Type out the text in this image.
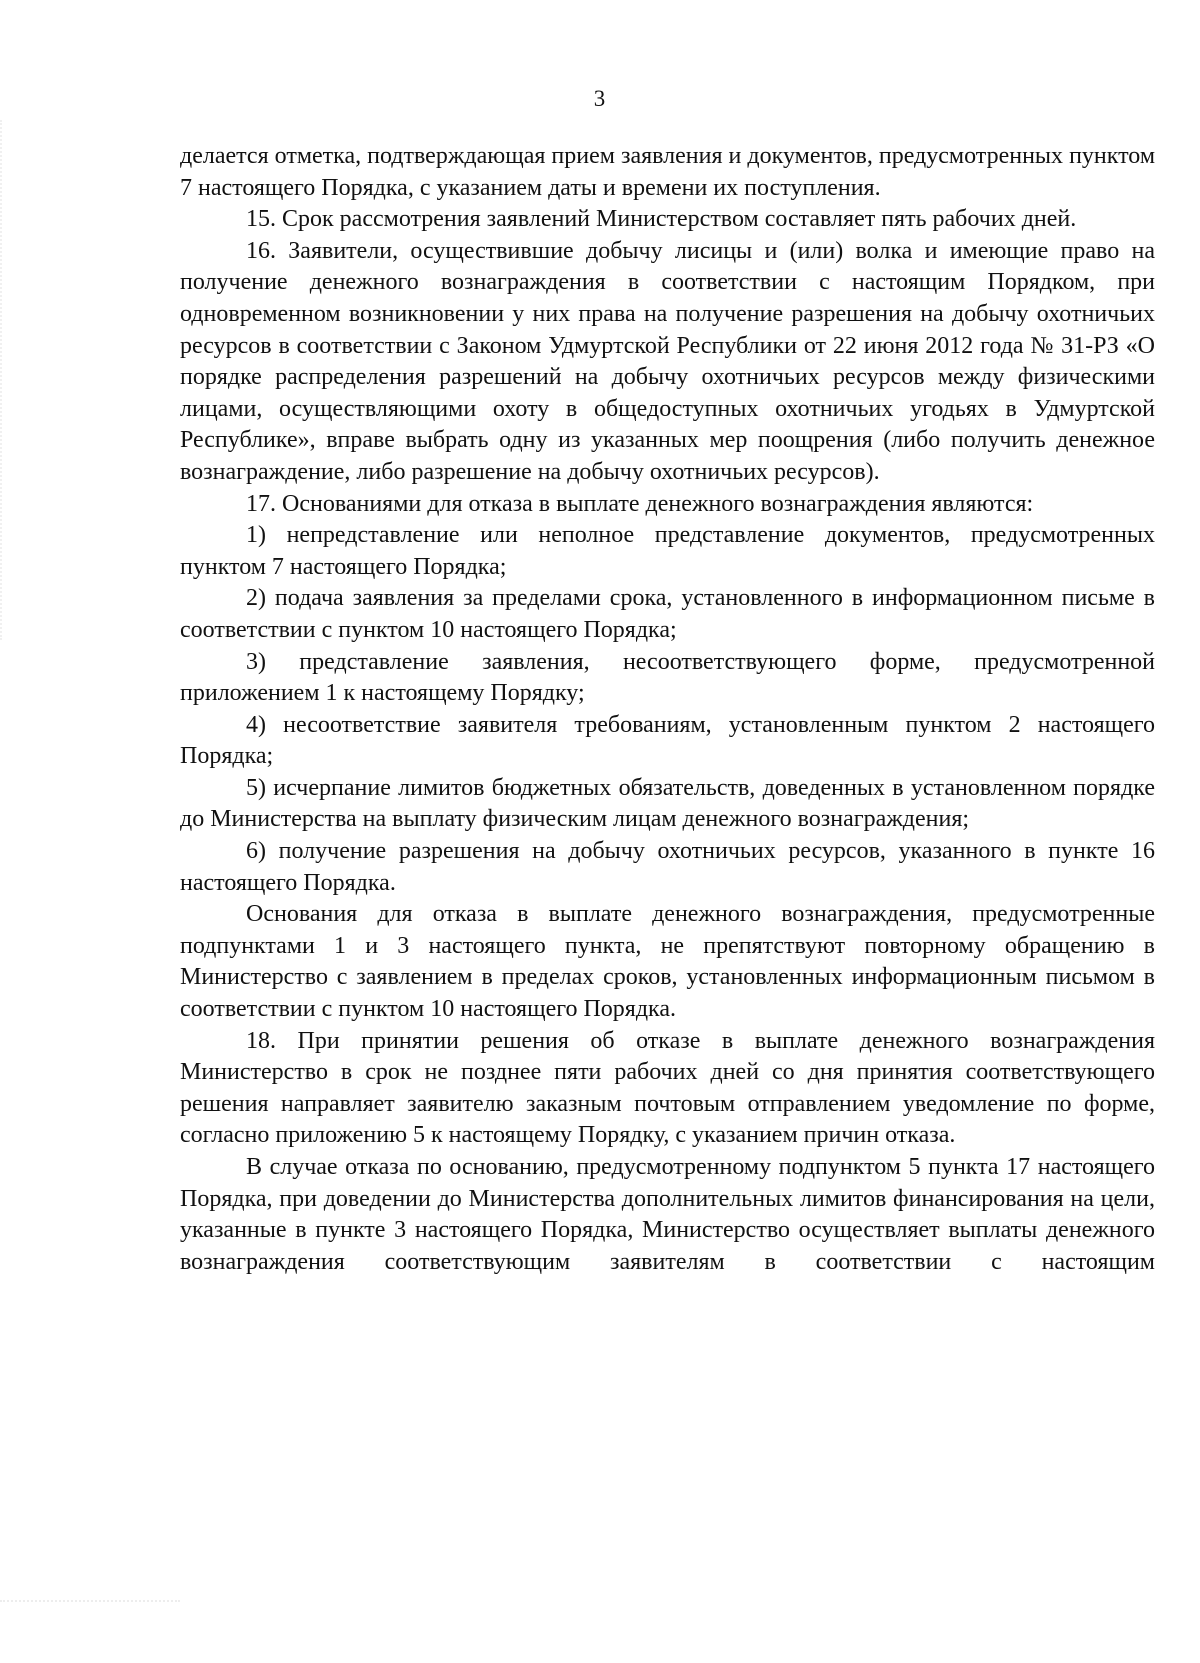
3

делается отметка, подтверждающая прием заявления и документов, предусмотренных пунктом 7 настоящего Порядка, с указанием даты и времени их поступления.

15. Срок рассмотрения заявлений Министерством составляет пять рабочих дней.

16. Заявители, осуществившие добычу лисицы и (или) волка и имеющие право на получение денежного вознаграждения в соответствии с настоящим Порядком, при одновременном возникновении у них права на получение разрешения на добычу охотничьих ресурсов в соответствии с Законом Удмуртской Республики от 22 июня 2012 года № 31-РЗ «О порядке распределения разрешений на добычу охотничьих ресурсов между физическими лицами, осуществляющими охоту в общедоступных охотничьих угодьях в Удмуртской Республике», вправе выбрать одну из указанных мер поощрения (либо получить денежное вознаграждение, либо разрешение на добычу охотничьих ресурсов).

17. Основаниями для отказа в выплате денежного вознаграждения являются:

1) непредставление или неполное представление документов, предусмотренных пунктом 7 настоящего Порядка;

2) подача заявления за пределами срока, установленного в информационном письме в соответствии с пунктом 10 настоящего Порядка;

3) представление заявления, несоответствующего форме, предусмотренной приложением 1 к настоящему Порядку;

4) несоответствие заявителя требованиям, установленным пунктом 2 настоящего Порядка;

5) исчерпание лимитов бюджетных обязательств, доведенных в установленном порядке до Министерства на выплату физическим лицам денежного вознаграждения;

6) получение разрешения на добычу охотничьих ресурсов, указанного в пункте 16 настоящего Порядка.

Основания для отказа в выплате денежного вознаграждения, предусмотренные подпунктами 1 и 3 настоящего пункта, не препятствуют повторному обращению в Министерство с заявлением в пределах сроков, установленных информационным письмом в соответствии с пунктом 10 настоящего Порядка.

18. При принятии решения об отказе в выплате денежного вознаграждения Министерство в срок не позднее пяти рабочих дней со дня принятия соответствующего решения направляет заявителю заказным почтовым отправлением уведомление по форме, согласно приложению 5 к настоящему Порядку, с указанием причин отказа.

В случае отказа по основанию, предусмотренному подпунктом 5 пункта 17 настоящего Порядка, при доведении до Министерства дополнительных лимитов финансирования на цели, указанные в пункте 3 настоящего Порядка, Министерство осуществляет выплаты денежного вознаграждения соответствующим заявителям в соответствии с настоящим
